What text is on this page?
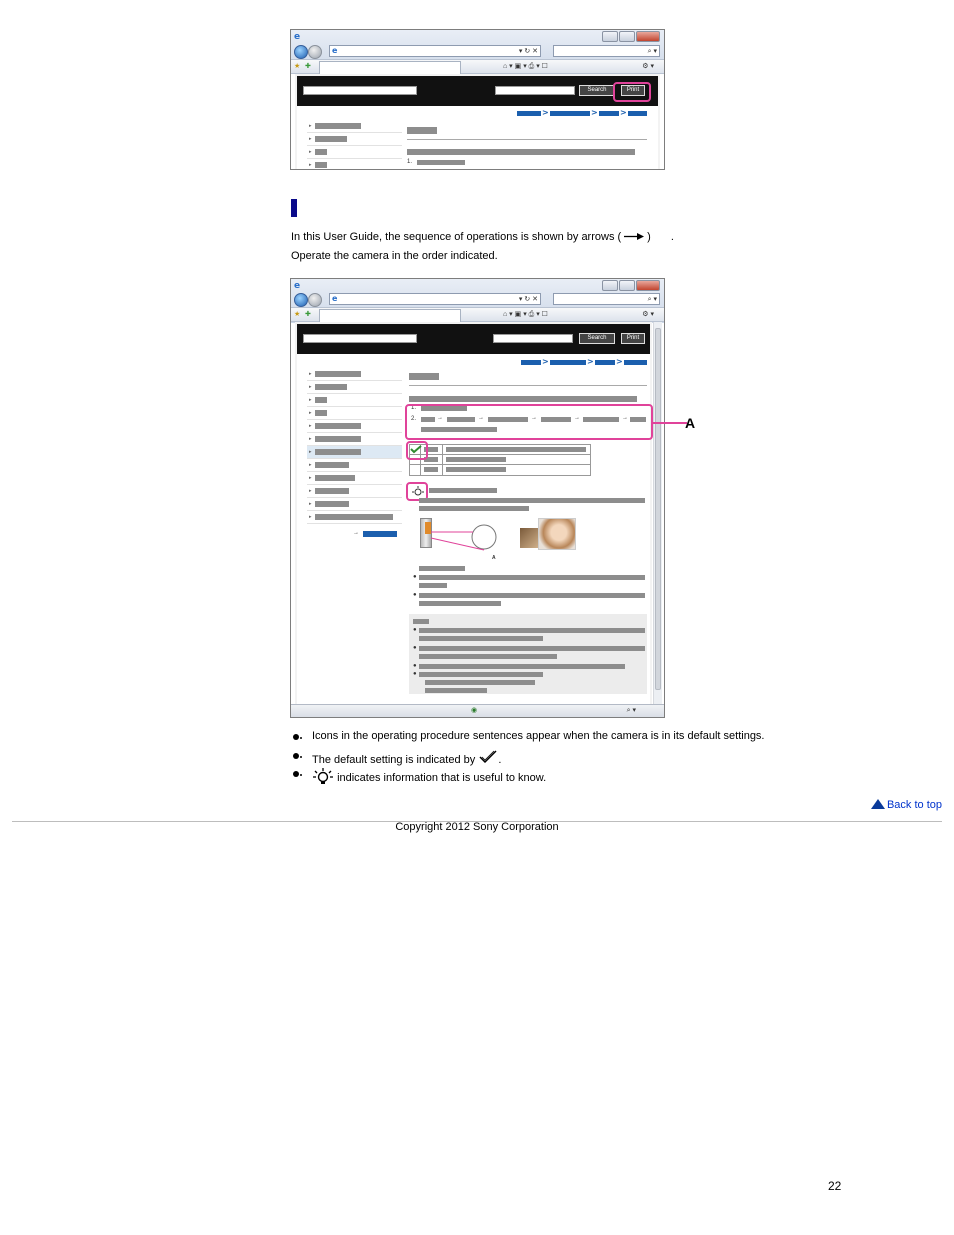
e
e	▾ ↻ ✕	⌕ ▾
★ ✚	⌂ ▾ ▣ ▾ ⎙ ▾ ☐	⚙ ▾
Search	Print
>	>	>
▸
▸
▸
▸	1.
In this User Guide, the sequence of operations is shown by arrows ( ) .
Operate the camera in the order indicated.
e
e	▾ ↻ ✕	⌕ ▾
★ ✚	⌂ ▾ ▣ ▾ ⎙ ▾ ☐	⚙ ▾
Search	Print
>	>	>
▸
▸
▸
▸
▸
▸
▸
▸
▸
▸
▸
▸
→
1.
2.	→	→	→	→	→
A
●
●
●
●
●
●
◉	⌕ ▾
A
Icons in the operating procedure sentences appear when the camera is in its default settings.
The default setting is indicated by .
indicates information that is useful to know.
Back to top
Copyright 2012 Sony Corporation
22
